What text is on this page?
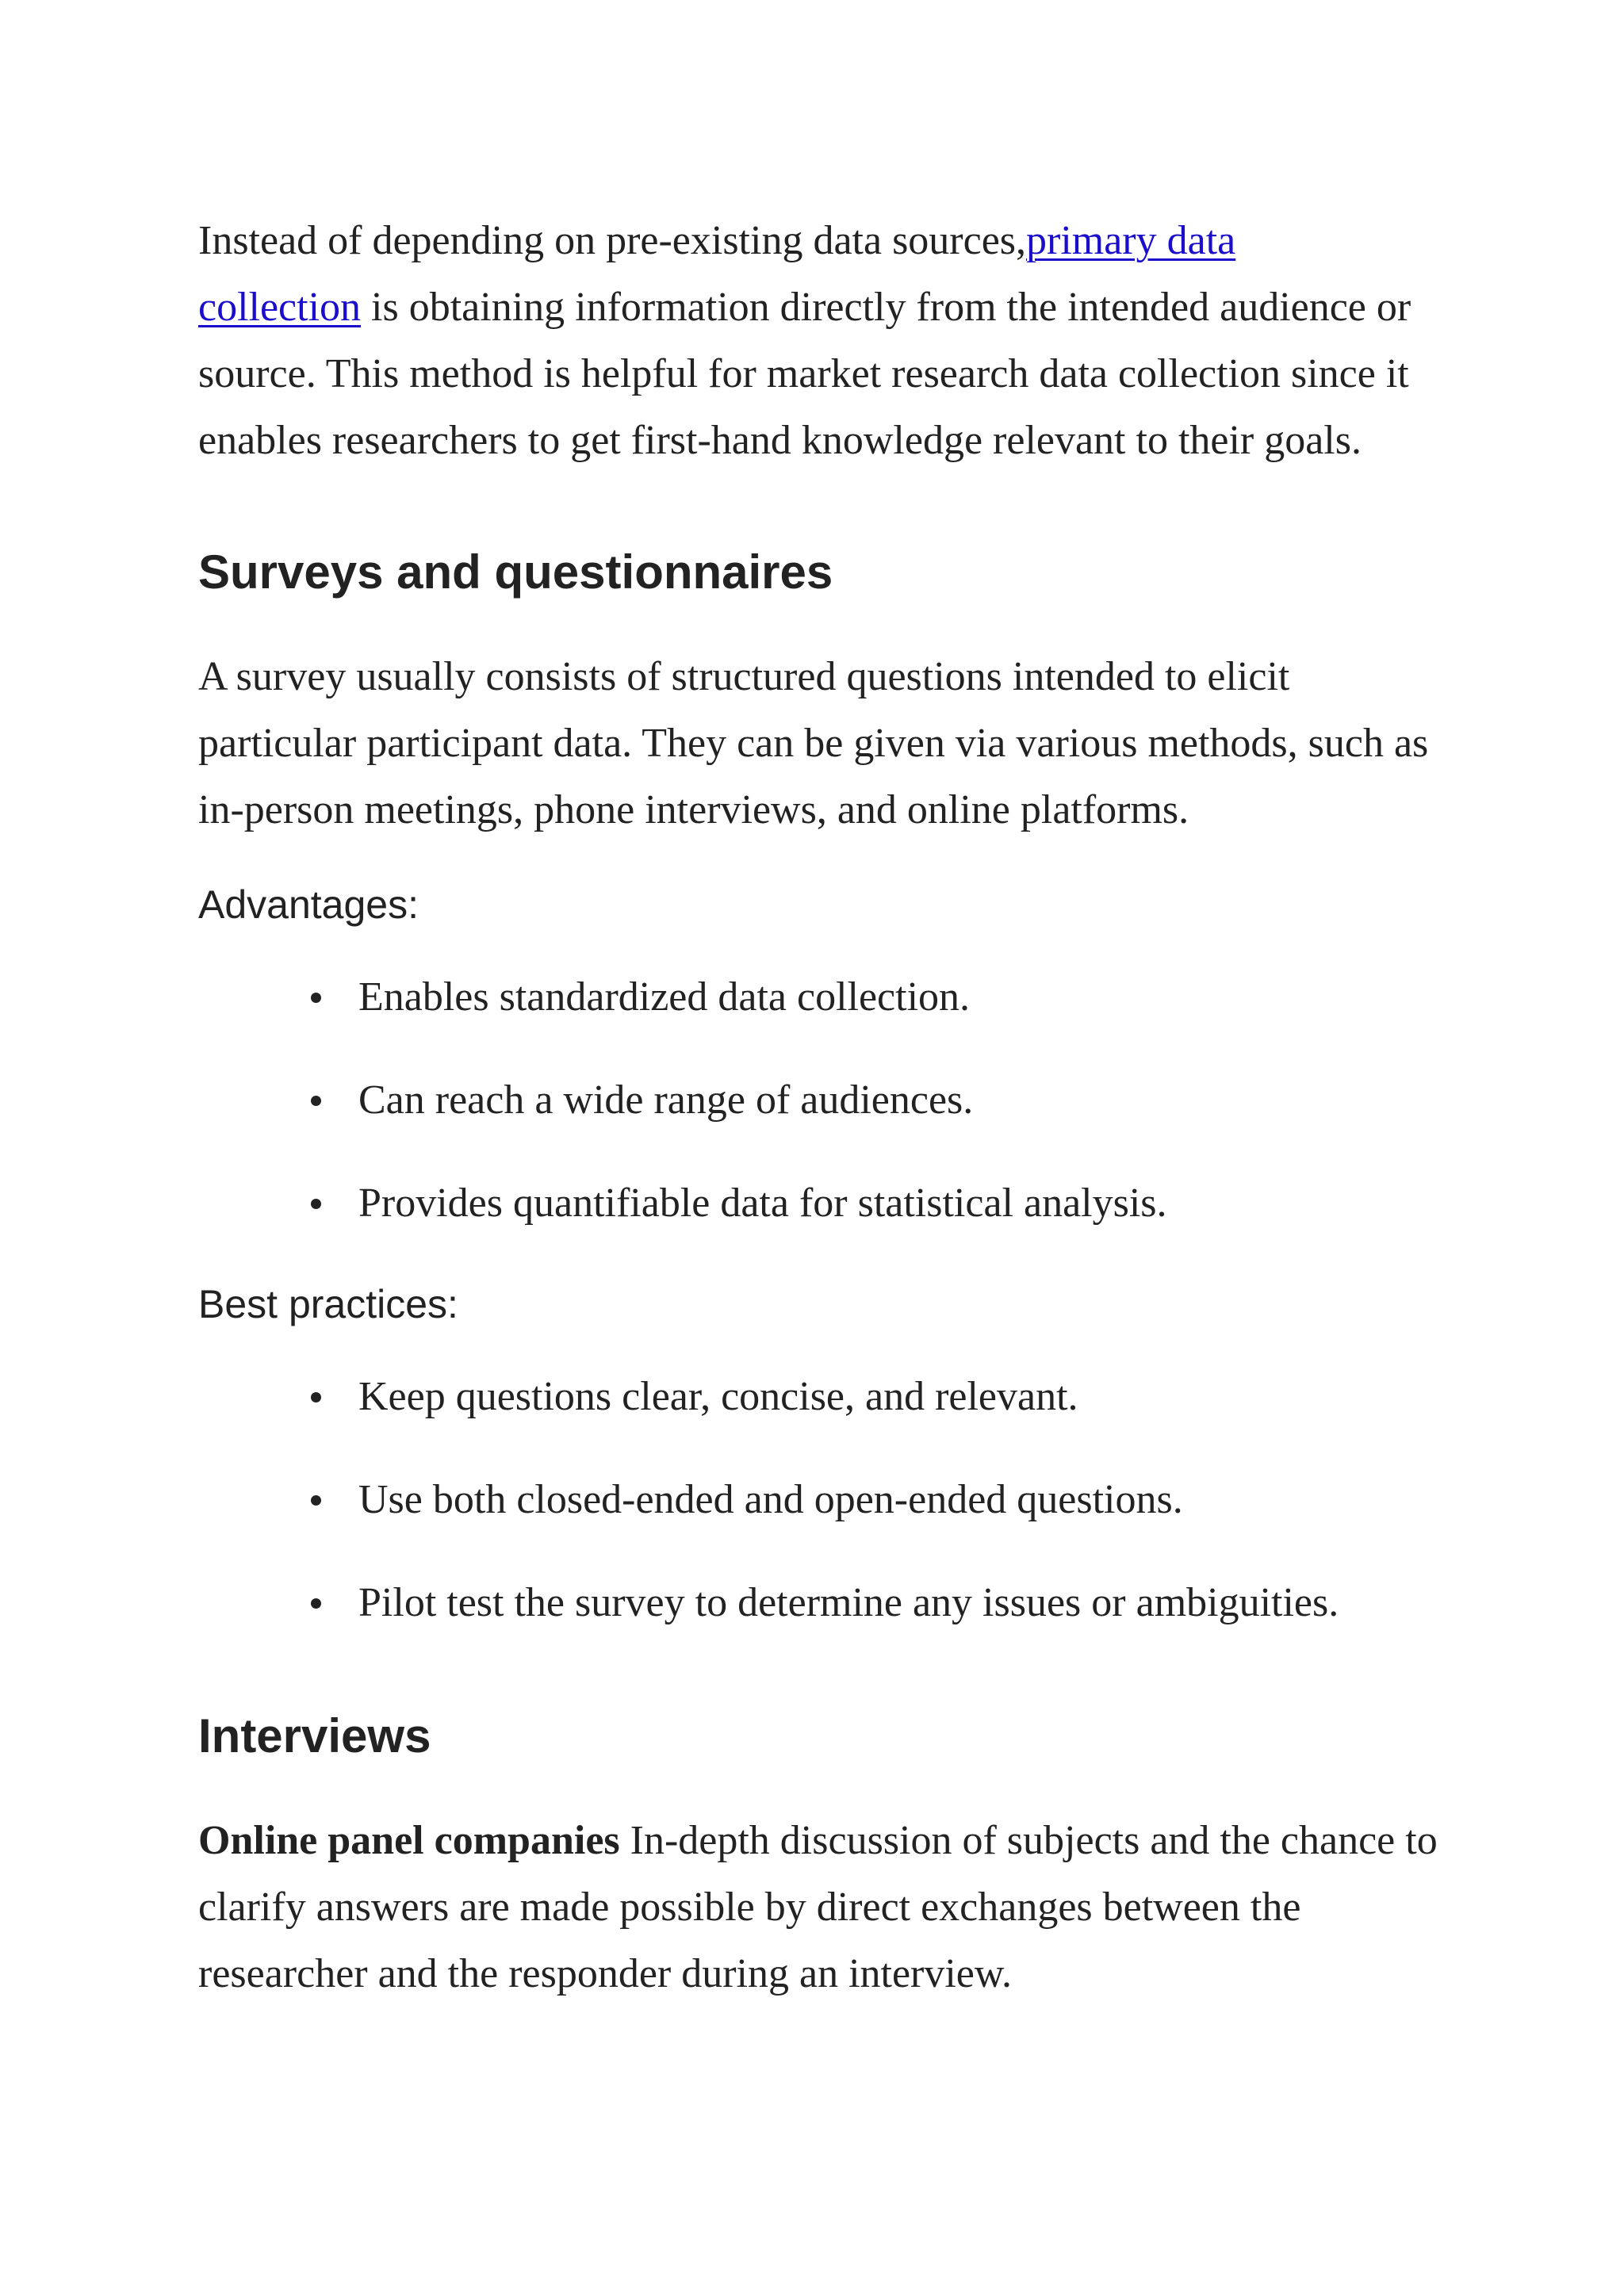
Instead of depending on pre-existing data sources,primary data
collection is obtaining information directly from the intended audience or source. This method is helpful for market research data collection since it enables researchers to get first-hand knowledge relevant to their goals.

Surveys and questionnaires

A survey usually consists of structured questions intended to elicit particular participant data. They can be given via various methods, such as in-person meetings, phone interviews, and online platforms.

Advantages:
Enables standardized data collection.
Can reach a wide range of audiences.
Provides quantifiable data for statistical analysis.
Best practices:
Keep questions clear, concise, and relevant.
Use both closed-ended and open-ended questions.
Pilot test the survey to determine any issues or ambiguities.
Interviews

Online panel companies In-depth discussion of subjects and the chance to clarify answers are made possible by direct exchanges between the researcher and the responder during an interview.
